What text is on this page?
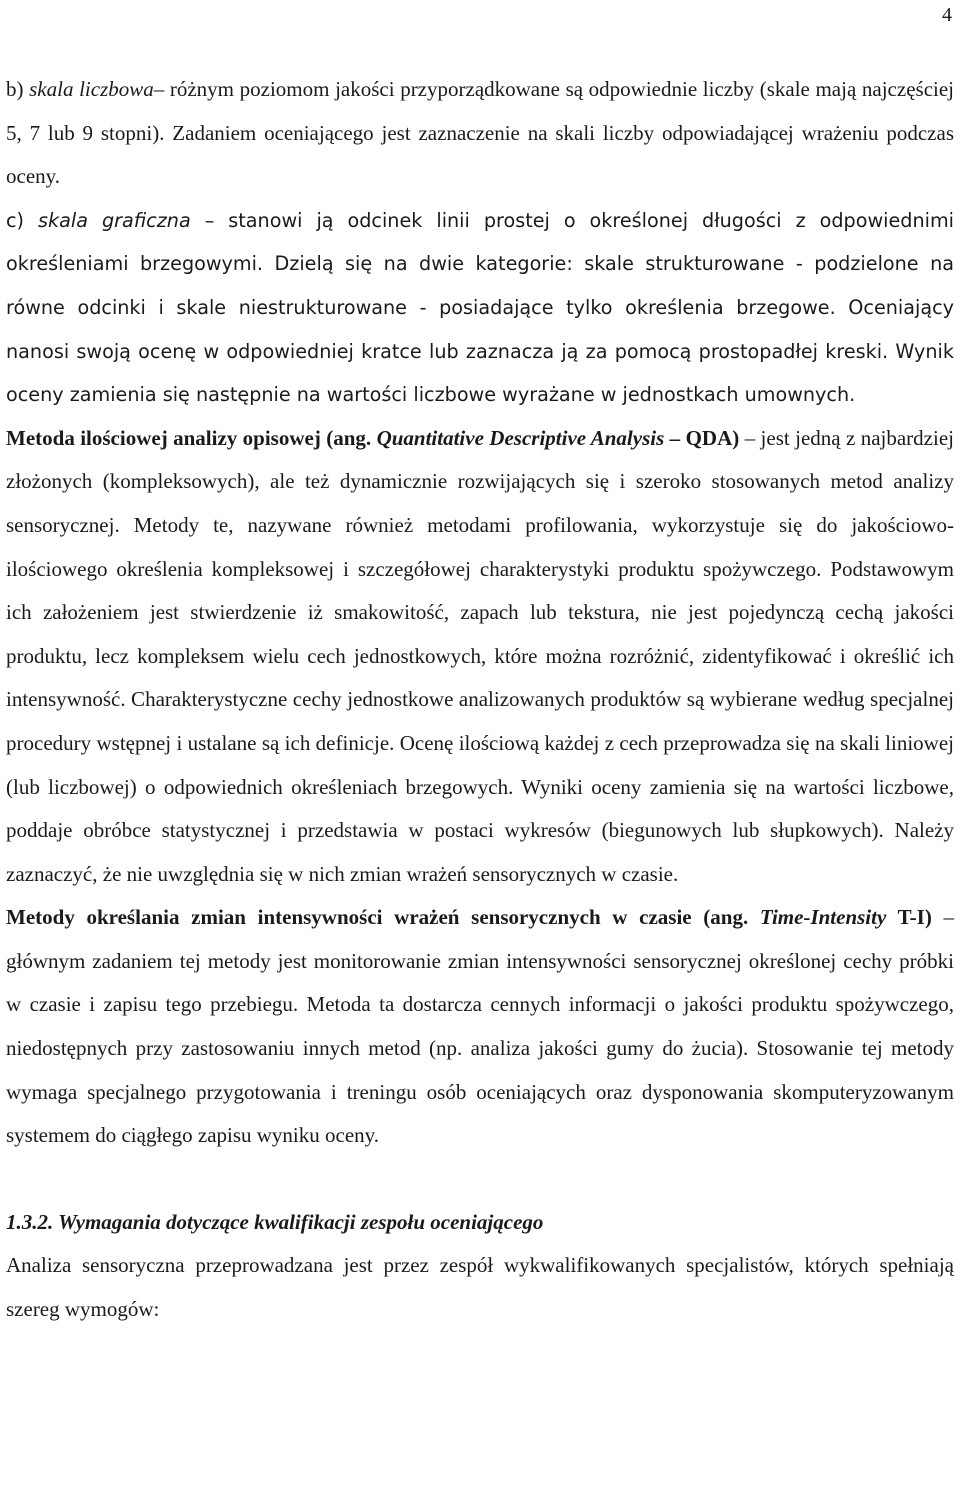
4

b) skala liczbowa– różnym poziomom jakości przyporządkowane są odpowiednie liczby (skale mają najczęściej 5, 7 lub 9 stopni). Zadaniem oceniającego jest zaznaczenie na skali liczby odpowiadającej wrażeniu podczas oceny.

c) skala graficzna – stanowi ją odcinek linii prostej o określonej długości z odpowiednimi określeniami brzegowymi. Dzielą się na dwie kategorie: skale strukturowane - podzielone na równe odcinki i skale niestrukturowane - posiadające tylko określenia brzegowe. Oceniający nanosi swoją ocenę w odpowiedniej kratce lub zaznacza ją za pomocą prostopadłej kreski. Wynik oceny zamienia się następnie na wartości liczbowe wyrażane w jednostkach umownych.

Metoda ilościowej analizy opisowej (ang. Quantitative Descriptive Analysis – QDA) – jest jedną z najbardziej złożonych (kompleksowych), ale też dynamicznie rozwijających się i szeroko stosowanych metod analizy sensorycznej. Metody te, nazywane również metodami profilowania, wykorzystuje się do jakościowo-ilościowego określenia kompleksowej i szczegółowej charakterystyki produktu spożywczego. Podstawowym ich założeniem jest stwierdzenie iż smakowitość, zapach lub tekstura, nie jest pojedynczą cechą jakości produktu, lecz kompleksem wielu cech jednostkowych, które można rozróżnić, zidentyfikować i określić ich intensywność. Charakterystyczne cechy jednostkowe analizowanych produktów są wybierane według specjalnej procedury wstępnej i ustalane są ich definicje. Ocenę ilościową każdej z cech przeprowadza się na skali liniowej (lub liczbowej) o odpowiednich określeniach brzegowych. Wyniki oceny zamienia się na wartości liczbowe, poddaje obróbce statystycznej i przedstawia w postaci wykresów (biegunowych lub słupkowych). Należy zaznaczyć, że nie uwzględnia się w nich zmian wrażeń sensorycznych w czasie.

Metody określania zmian intensywności wrażeń sensorycznych w czasie (ang. Time-Intensity T-I) –głównym zadaniem tej metody jest monitorowanie zmian intensywności sensorycznej określonej cechy próbki w czasie i zapisu tego przebiegu. Metoda ta dostarcza cennych informacji o jakości produktu spożywczego, niedostępnych przy zastosowaniu innych metod (np. analiza jakości gumy do żucia). Stosowanie tej metody wymaga specjalnego przygotowania i treningu osób oceniających oraz dysponowania skomputeryzowanym systemem do ciągłego zapisu wyniku oceny.

1.3.2. Wymagania dotyczące kwalifikacji zespołu oceniającego

Analiza sensoryczna przeprowadzana jest przez zespół wykwalifikowanych specjalistów, których spełniają szereg wymogów:
